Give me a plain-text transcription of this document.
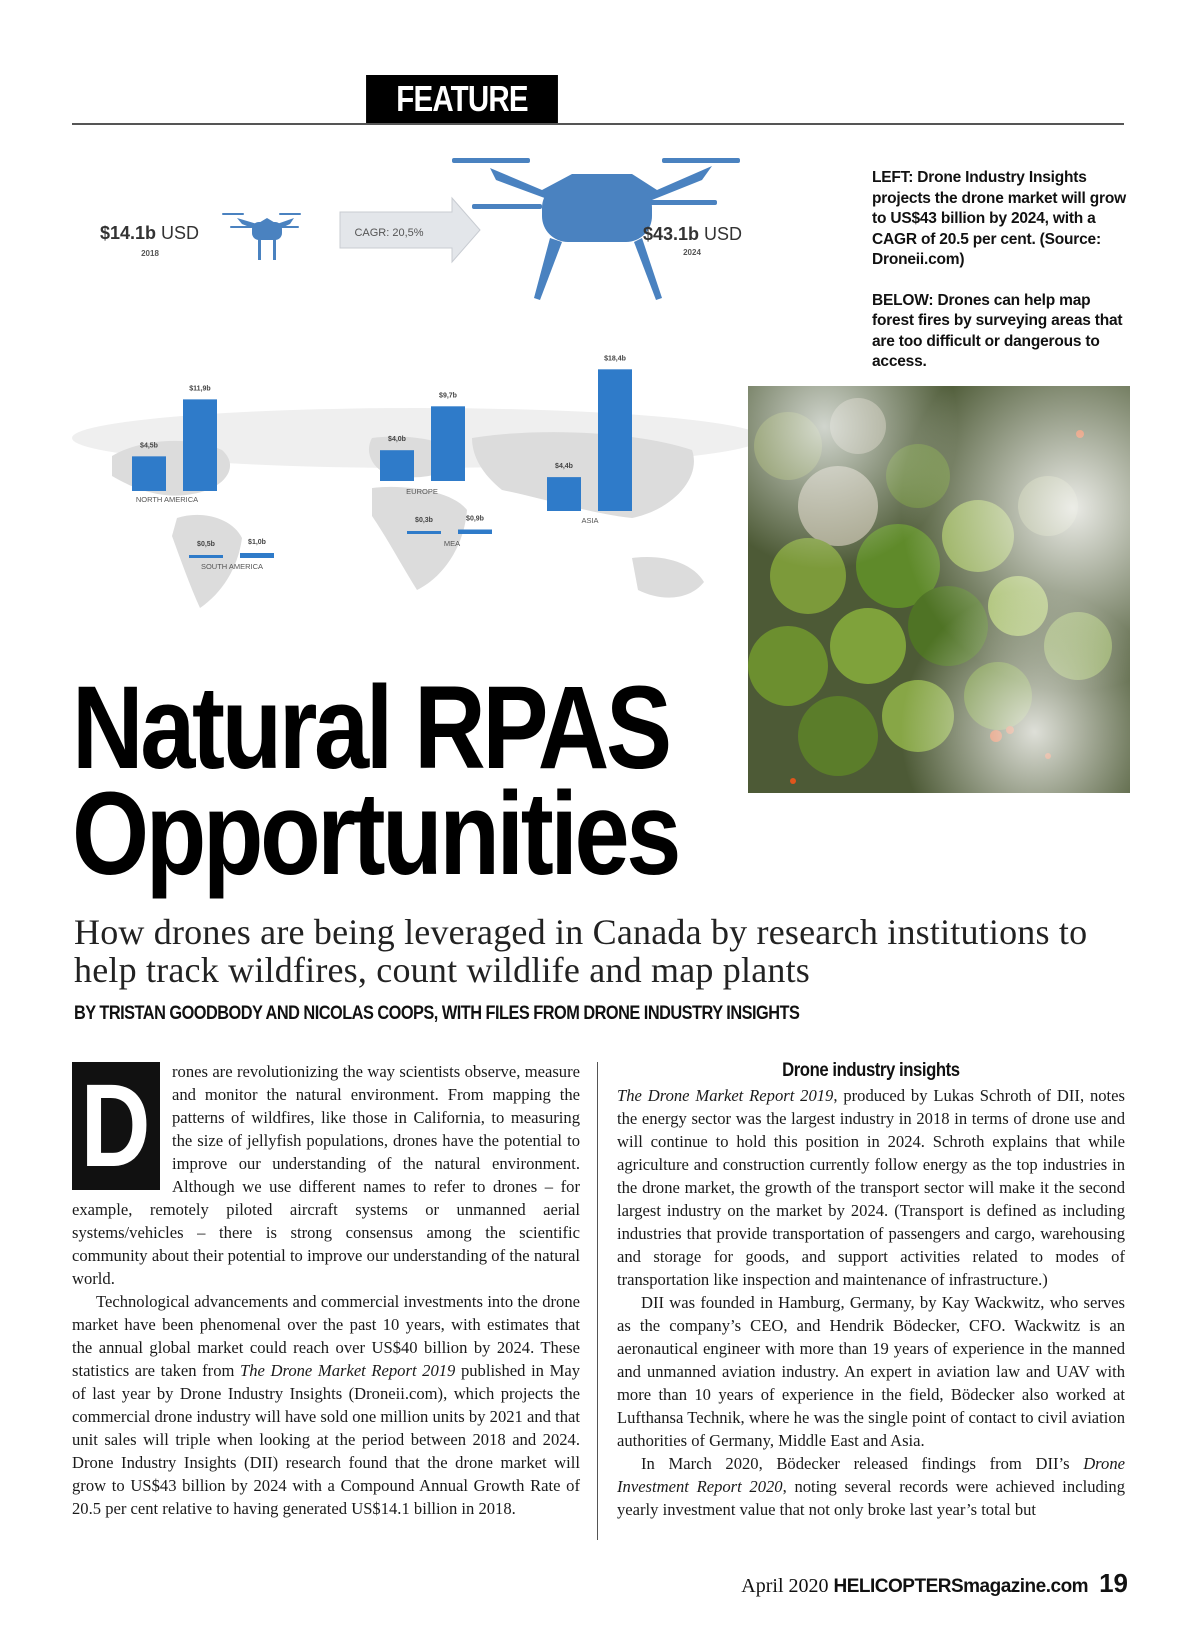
FEATURE
$14.1b USD
2018
CAGR: 20,5%	$43.1b USD
2024
$4,5b
$11,9b
NORTH AMERICA
$0,5b	$1,0b
SOUTH AMERICA
$4,0b
$9,7b
EUROPE
$0,3b	$0,9b
MEA
$4,4b
$18,4b
ASIA

LEFT: Drone Industry Insights projects the drone market will grow to US$43 billion by 2024, with a CAGR of 20.5 per cent. (Source: Droneii.com)

BELOW: Drones can help map forest fires by surveying areas that are too difficult or dangerous to access.

Natural RPAS
Opportunities
How drones are being leveraged in Canada by research institutions to help track wildfires, count wildlife and map plants
BY TRISTAN GOODBODY AND NICOLAS COOPS, WITH FILES FROM DRONE INDUSTRY INSIGHTS

D	rones are revolutionizing the way scientists observe, measure and monitor the natural environment. From mapping the patterns of wildfires, like those in California, to measuring the size of jellyfish populations, drones have the potential to improve our understanding of the natural environment. Although we use different names to refer to drones – for example, remotely piloted aircraft systems or unmanned aerial systems/vehicles – there is strong consensus among the scientific community about their potential to improve our understanding of the natural world.

Technological advancements and commercial investments into the drone market have been phenomenal over the past 10 years, with estimates that the annual global market could reach over US$40 billion by 2024. These statistics are taken from The Drone Market Report 2019 published in May of last year by Drone Industry Insights (Droneii.com), which projects the commercial drone industry will have sold one million units by 2021 and that unit sales will triple when looking at the period between 2018 and 2024. Drone Industry Insights (DII) research found that the drone market will grow to US$43 billion by 2024 with a Compound Annual Growth Rate of 20.5 per cent relative to having generated US$14.1 billion in 2018.

Drone industry insights

The Drone Market Report 2019, produced by Lukas Schroth of DII, notes the energy sector was the largest industry in 2018 in terms of drone use and will continue to hold this position in 2024. Schroth explains that while agriculture and construction currently follow energy as the top industries in the drone market, the growth of the transport sector will make it the second largest industry on the market by 2024. (Transport is defined as including industries that provide transportation of passengers and cargo, warehousing and storage for goods, and support activities related to modes of transportation like inspection and maintenance of infrastructure.)

DII was founded in Hamburg, Germany, by Kay Wackwitz, who serves as the company’s CEO, and Hendrik Bödecker, CFO. Wackwitz is an aeronautical engineer with more than 19 years of experience in the manned and unmanned aviation industry. An expert in aviation law and UAV with more than 10 years of experience in the field, Bödecker also worked at Lufthansa Technik, where he was the single point of contact to civil aviation authorities of Germany, Middle East and Asia.

In March 2020, Bödecker released findings from DII’s Drone Investment Report 2020, noting several records were achieved including yearly investment value that not only broke last year’s total but

April 2020 HELICOPTERSmagazine.com 19
